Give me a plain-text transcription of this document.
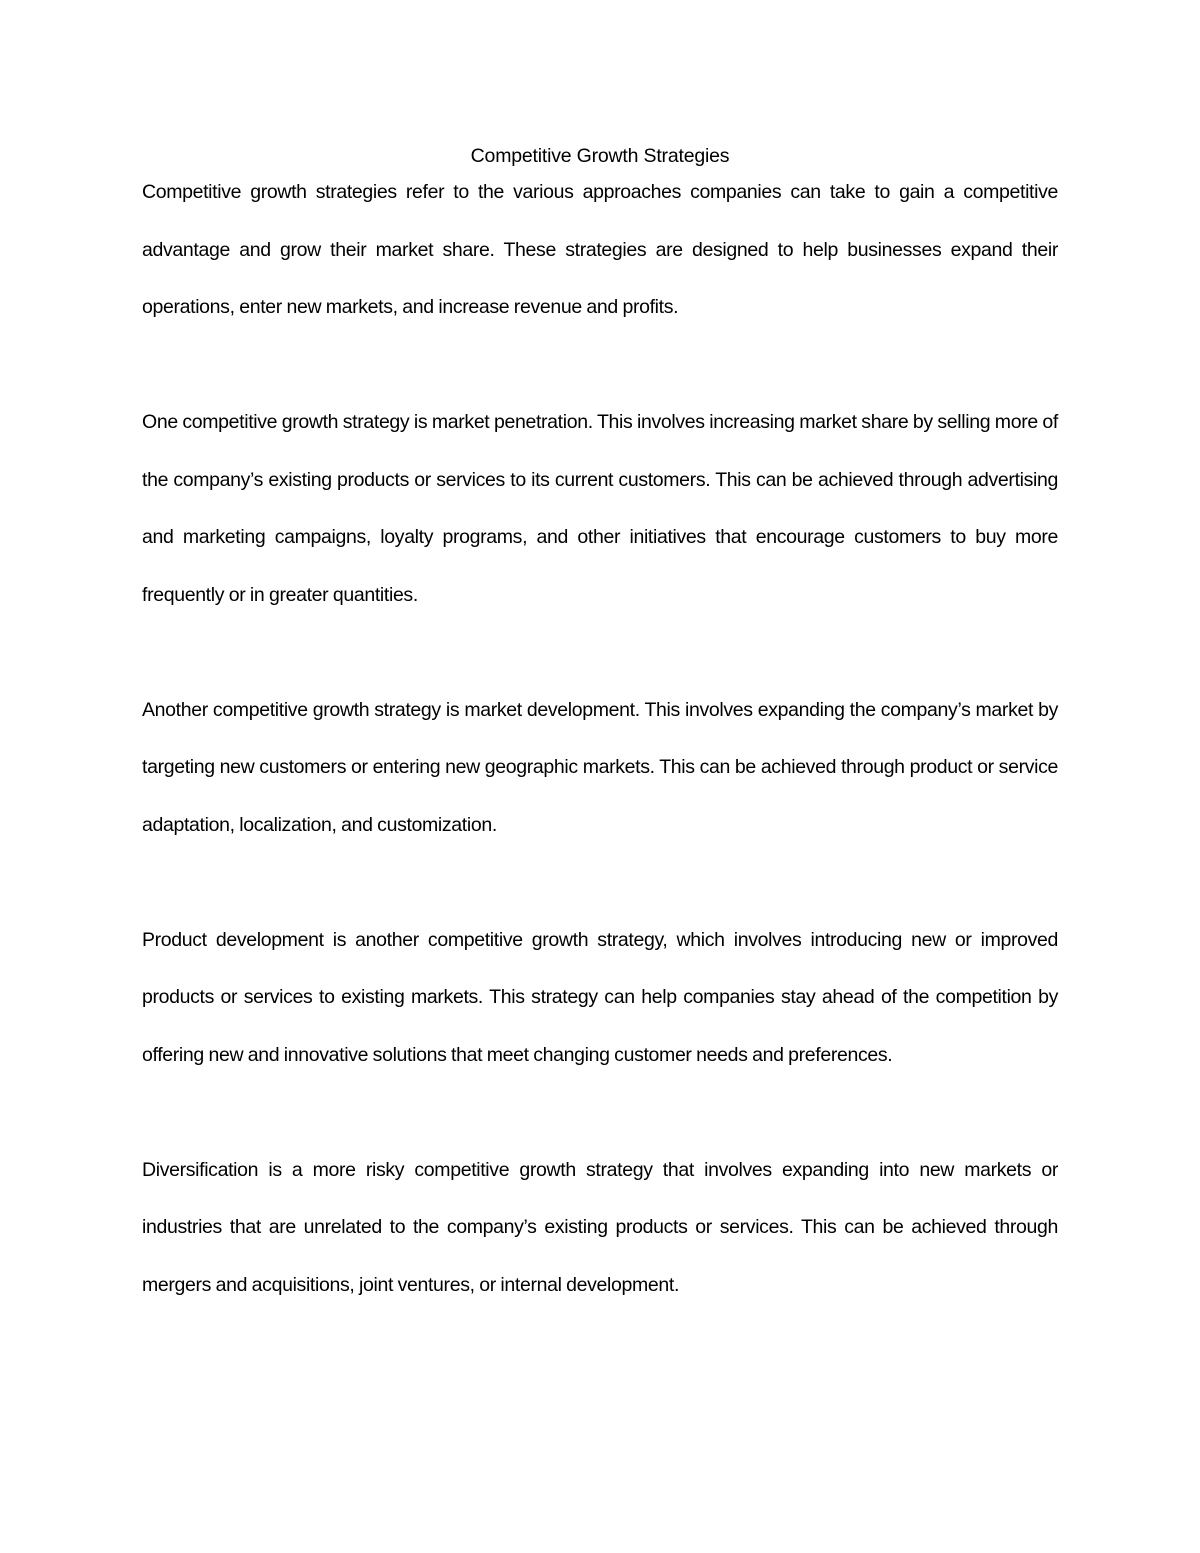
Competitive Growth Strategies

Competitive growth strategies refer to the various approaches companies can take to gain a competitive advantage and grow their market share. These strategies are designed to help businesses expand their operations, enter new markets, and increase revenue and profits.

One competitive growth strategy is market penetration. This involves increasing market share by selling more of the company’s existing products or services to its current customers. This can be achieved through advertising and marketing campaigns, loyalty programs, and other initiatives that encourage customers to buy more frequently or in greater quantities.

Another competitive growth strategy is market development. This involves expanding the company’s market by targeting new customers or entering new geographic markets. This can be achieved through product or service adaptation, localization, and customization.

Product development is another competitive growth strategy, which involves introducing new or improved products or services to existing markets. This strategy can help companies stay ahead of the competition by offering new and innovative solutions that meet changing customer needs and preferences.

Diversification is a more risky competitive growth strategy that involves expanding into new markets or industries that are unrelated to the company’s existing products or services. This can be achieved through mergers and acquisitions, joint ventures, or internal development.
